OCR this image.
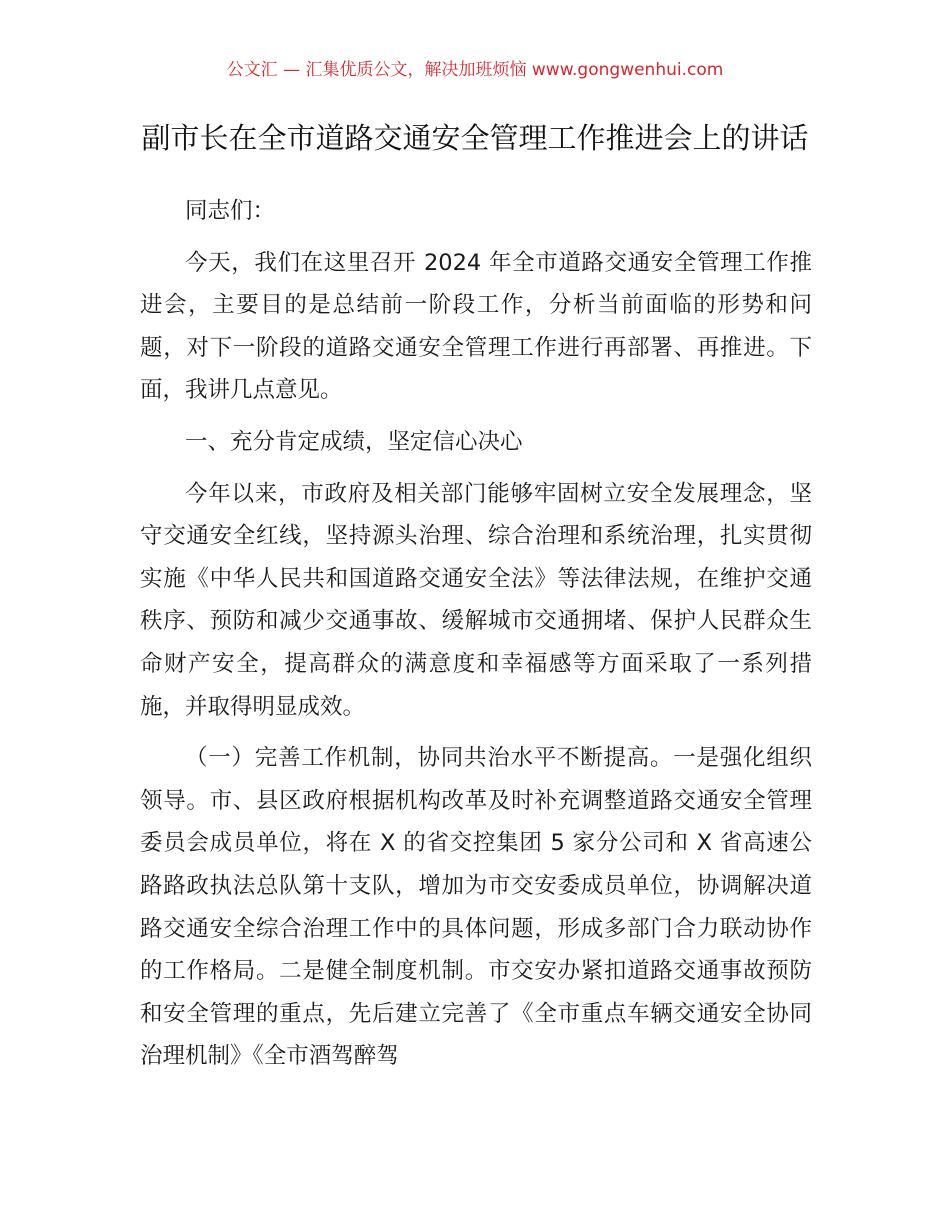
公文汇 — 汇集优质公文，解决加班烦恼 www.gongwenhui.com
副市长在全市道路交通安全管理工作推进会上的讲话

同志们：

今天，我们在这里召开 2024 年全市道路交通安全管理工作推进会，主要目的是总结前一阶段工作，分析当前面临的形势和问题，对下一阶段的道路交通安全管理工作进行再部署、再推进。下面，我讲几点意见。

一、充分肯定成绩，坚定信心决心

今年以来，市政府及相关部门能够牢固树立安全发展理念，坚守交通安全红线，坚持源头治理、综合治理和系统治理，扎实贯彻实施《中华人民共和国道路交通安全法》等法律法规，在维护交通秩序、预防和减少交通事故、缓解城市交通拥堵、保护人民群众生命财产安全，提高群众的满意度和幸福感等方面采取了一系列措施，并取得明显成效。

（一）完善工作机制，协同共治水平不断提高。一是强化组织领导。市、县区政府根据机构改革及时补充调整道路交通安全管理委员会成员单位，将在 X 的省交控集团 5 家分公司和 X 省高速公路路政执法总队第十支队，增加为市交安委成员单位，协调解决道路交通安全综合治理工作中的具体问题，形成多部门合力联动协作的工作格局。二是健全制度机制。市交安办紧扣道路交通事故预防和安全管理的重点，先后建立完善了《全市重点车辆交通安全协同治理机制》《全市酒驾醉驾
